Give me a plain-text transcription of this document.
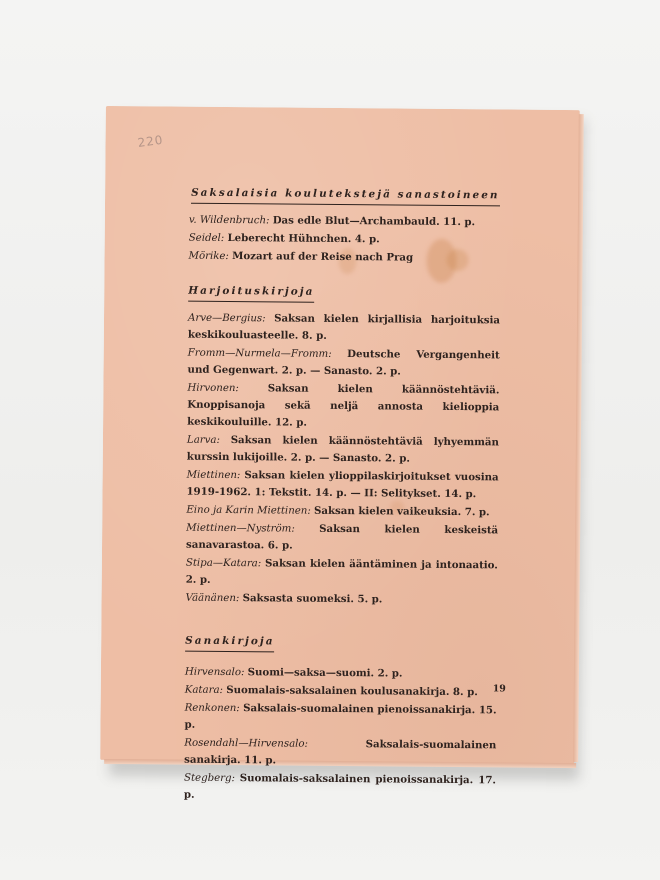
220
Saksalaisia koulutekstejä sanastoineen

v. Wildenbruch: Das edle Blut—Archambauld. 11. p.

Seidel: Leberecht Hühnchen. 4. p.

Mörike: Mozart auf der Reise nach Prag

Harjoituskirjoja

Arve—Bergius: Saksan kielen kirjallisia harjoituksia keskikouluasteelle. 8. p.

Fromm—Nurmela—Fromm: Deutsche Vergangenheit und Gegenwart. 2. p. — Sanasto. 2. p.

Hirvonen:	Saksan kielen käännöstehtäviä. Knoppisanoja sekä neljä annosta kielioppia keskikouluille. 12. p.

Larva: Saksan kielen käännöstehtäviä lyhyemmän kurssin lukijoille. 2. p. — Sanasto. 2. p.

Miettinen: Saksan kielen ylioppilaskirjoitukset vuosina 1919-1962. 1: Tekstit. 14. p. — II: Selitykset. 14. p.

Eino ja Karin Miettinen: Saksan kielen vaikeuksia. 7. p.

Miettinen—Nyström: Saksan kielen keskeistä sanavarastoa. 6. p.

Stipa—Katara: Saksan kielen ääntäminen ja intonaatio. 2. p.

Väänänen: Saksasta suomeksi. 5. p.

Sanakirjoja

Hirvensalo: Suomi—saksa—suomi. 2. p.

Katara: Suomalais-saksalainen koulusanakirja. 8. p.

Renkonen: Saksalais-suomalainen pienoissanakirja. 15. p.

Rosendahl—Hirvensalo:	Saksalais-suomalainen sanakirja. 11. p.

Stegberg: Suomalais-saksalainen pienoissanakirja. 17. p.

19
